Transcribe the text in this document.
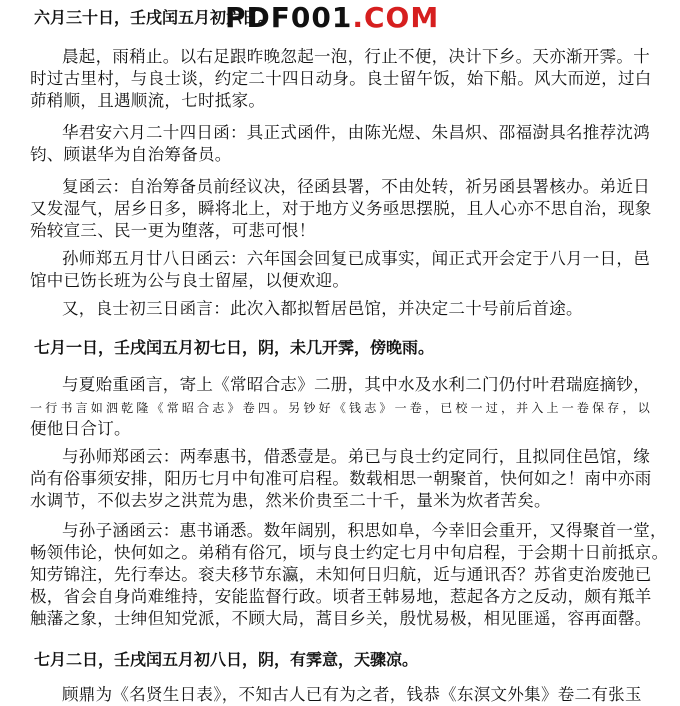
PDF001.COM
六月三十日，壬戌闰五月初六日。
晨起，雨稍止。以右足跟昨晚忽起一泡，行止不便，决计下乡。天亦渐开霁。十
时过古里村，与良士谈，约定二十四日动身。良士留午饭，始下船。风大而逆，过白
茆稍顺，且遇顺流，七时抵家。
华君安六月二十四日函：具正式函件，由陈光煜、朱昌炽、邵福澍具名推荐沈鸿
钧、顾谌华为自治筹备员。
复函云：自治筹备员前经议决，径函县署，不由处转，祈另函县署核办。弟近日
又发湿气，居乡日多，瞬将北上，对于地方义务亟思摆脱，且人心亦不思自治，现象
殆较宣三、民一更为堕落，可悲可恨！
孙师郑五月廿八日函云：六年国会回复已成事实，闻正式开会定于八月一日，邑
馆中已饬长班为公与良士留屋，以便欢迎。
又，良士初三日函言：此次入都拟暂居邑馆，并决定二十号前后首途。
七月一日，壬戌闰五月初七日，阴，未几开霁，傍晚雨。
与夏贻重函言，寄上《常昭合志》二册，其中水及水利二门仍付叶君瑞庭摘钞，
一行书言如泗乾隆《常昭合志》卷四。另钞好《钱志》一卷，已校一过，并入上一卷保存，以
便他日合订。
与孙师郑函云：两奉惠书，借悉壹是。弟已与良士约定同行，且拟同住邑馆，缘
尚有俗事须安排，阳历七月中旬准可启程。数载相思一朝聚首，快何如之！南中亦雨
水调节，不似去岁之洪荒为患，然米价贵至二十千，量米为炊者苦矣。
与孙子涵函云：惠书诵悉。数年阔别，积思如阜，今幸旧会重开，又得聚首一堂，
畅领伟论，快何如之。弟稍有俗冗，顷与良士约定七月中旬启程，于会期十日前抵京。
知劳锦注，先行奉达。衮夫移节东瀛，未知何日归航，近与通讯否？苏省吏治废弛已
极，省会自身尚难维持，安能监督行政。顷者王韩易地，惹起各方之反动，颇有羝羊
触藩之象，士绅但知党派，不顾大局，蒿目乡关，殷忧易极，相见匪遥，容再面罄。
七月二日，壬戌闰五月初八日，阴，有霁意，天骤凉。
顾鼎为《名贤生日表》，不知古人已有为之者，钱恭《东溟文外集》卷二有张玉
